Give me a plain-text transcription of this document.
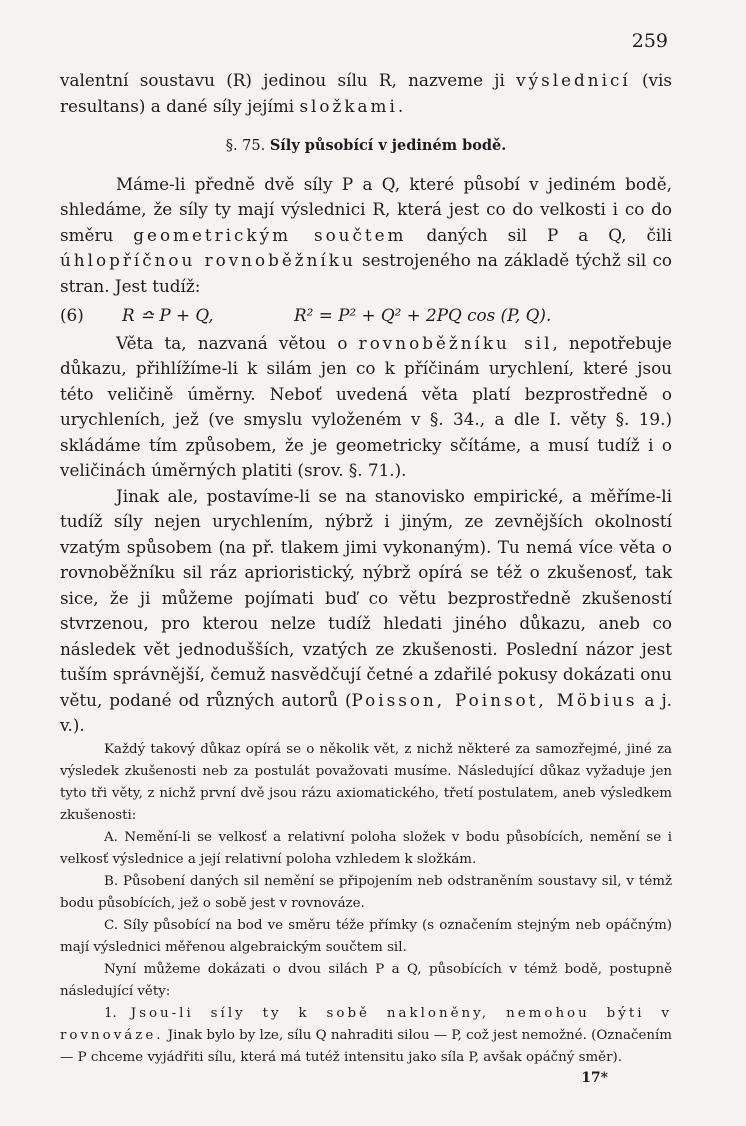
259

valentní soustavu (R) jedinou sílu R, nazveme ji výslednicí (vis resultans) a dané síly jejími složkami.

§. 75. Síly působící v jediném bodě.

Máme-li předně dvě síly P a Q, které působí v jediném bodě, shledáme, že síly ty mají výslednici R, která jest co do velkosti i co do směru geometrickým součtem daných sil P a Q, čili úhlopříčnou rovnoběžníku sestrojeného na základě týchž sil co stran. Jest tudíž:

(6) R ≏ P + Q,	R² = P² + Q² + 2PQ cos (P, Q).

Věta ta, nazvaná větou o rovnoběžníku sil, nepotřebuje důkazu, přihlížíme-li k silám jen co k příčinám urychlení, které jsou této veličině úměrny. Neboť uvedená věta platí bezprostředně o urychleních, jež (ve smyslu vyloženém v §. 34., a dle I. věty §. 19.) skládáme tím způsobem, že je geometricky sčítáme, a musí tudíž i o veličinách úměrných platiti (srov. §. 71.).

Jinak ale, postavíme-li se na stanovisko empirické, a měříme-li tudíž síly nejen urychlením, nýbrž i jiným, ze zevnějších okolností vzatým spůsobem (na př. tlakem jimi vykonaným). Tu nemá více věta o rovnoběžníku sil ráz aprioristický, nýbrž opírá se též o zkušenosť, tak sice, že ji můžeme pojímati buď co větu bezprostředně zkušeností stvrzenou, pro kterou nelze tudíž hledati jiného důkazu, aneb co následek vět jednodušších, vzatých ze zkušenosti. Poslední názor jest tuším správnější, čemuž nasvědčují četné a zdařilé pokusy dokázati onu větu, podané od různých autorů (Poisson, Poinsot, Möbius a j. v.).

Každý takový důkaz opírá se o několik vět, z nichž některé za samozřejmé, jiné za výsledek zkušenosti neb za postulát považovati musíme. Následující důkaz vyžaduje jen tyto tři věty, z nichž první dvě jsou rázu axiomatického, třetí postulatem, aneb výsledkem zkušenosti:

A. Nemění-li se velkosť a relativní poloha složek v bodu působících, nemění se i velkosť výslednice a její relativní poloha vzhledem k složkám.

B. Působení daných sil nemění se připojením neb odstraněním soustavy sil, v témž bodu působících, jež o sobě jest v rovnováze.

C. Síly působící na bod ve směru téže přímky (s označením stejným neb opáčným) mají výslednici měřenou algebraickým součtem sil.

Nyní můžeme dokázati o dvou silách P a Q, působících v témž bodě, postupně následující věty:

1. Jsou-li síly ty k sobě nakloněny, nemohou býti v rovnováze. Jinak bylo by lze, sílu Q nahraditi silou — P, což jest nemožné. (Označením — P chceme vyjádřiti sílu, která má tutéž intensitu jako síla P, avšak opáčný směr).

17*
